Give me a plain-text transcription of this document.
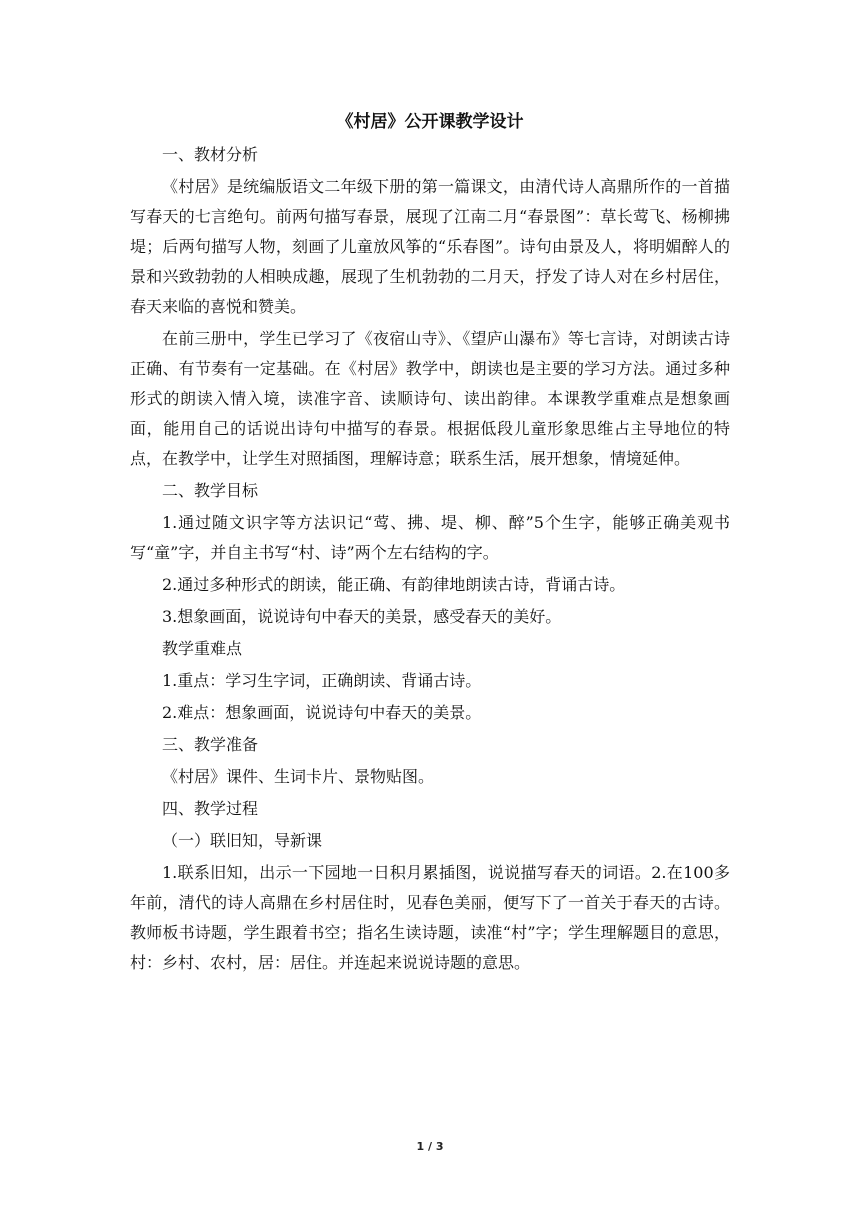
《村居》公开课教学设计
一、教材分析
《村居》是统编版语文二年级下册的第一篇课文，由清代诗人高鼎所作的一首描写春天的七言绝句。前两句描写春景，展现了江南二月“春景图”：草长莺飞、杨柳拂堤；后两句描写人物，刻画了儿童放风筝的“乐春图”。诗句由景及人，将明媚醉人的景和兴致勃勃的人相映成趣，展现了生机勃勃的二月天，抒发了诗人对在乡村居住，春天来临的喜悦和赞美。
在前三册中，学生已学习了《夜宿山寺》、《望庐山瀑布》等七言诗，对朗读古诗正确、有节奏有一定基础。在《村居》教学中，朗读也是主要的学习方法。通过多种形式的朗读入情入境，读准字音、读顺诗句、读出韵律。本课教学重难点是想象画面，能用自己的话说出诗句中描写的春景。根据低段儿童形象思维占主导地位的特点，在教学中，让学生对照插图，理解诗意；联系生活，展开想象，情境延伸。
二、教学目标
1.通过随文识字等方法识记“莺、拂、堤、柳、醉”5个生字，能够正确美观书写“童”字，并自主书写“村、诗”两个左右结构的字。
2.通过多种形式的朗读，能正确、有韵律地朗读古诗，背诵古诗。
3.想象画面，说说诗句中春天的美景，感受春天的美好。
教学重难点
1.重点：学习生字词，正确朗读、背诵古诗。
2.难点：想象画面，说说诗句中春天的美景。
三、教学准备
《村居》课件、生词卡片、景物贴图。
四、教学过程
（一）联旧知，导新课
1.联系旧知，出示一下园地一日积月累插图，说说描写春天的词语。2.在100多年前，清代的诗人高鼎在乡村居住时，见春色美丽，便写下了一首关于春天的古诗。教师板书诗题，学生跟着书空；指名生读诗题，读准“村”字；学生理解题目的意思，村：乡村、农村，居：居住。并连起来说说诗题的意思。
1 / 3
